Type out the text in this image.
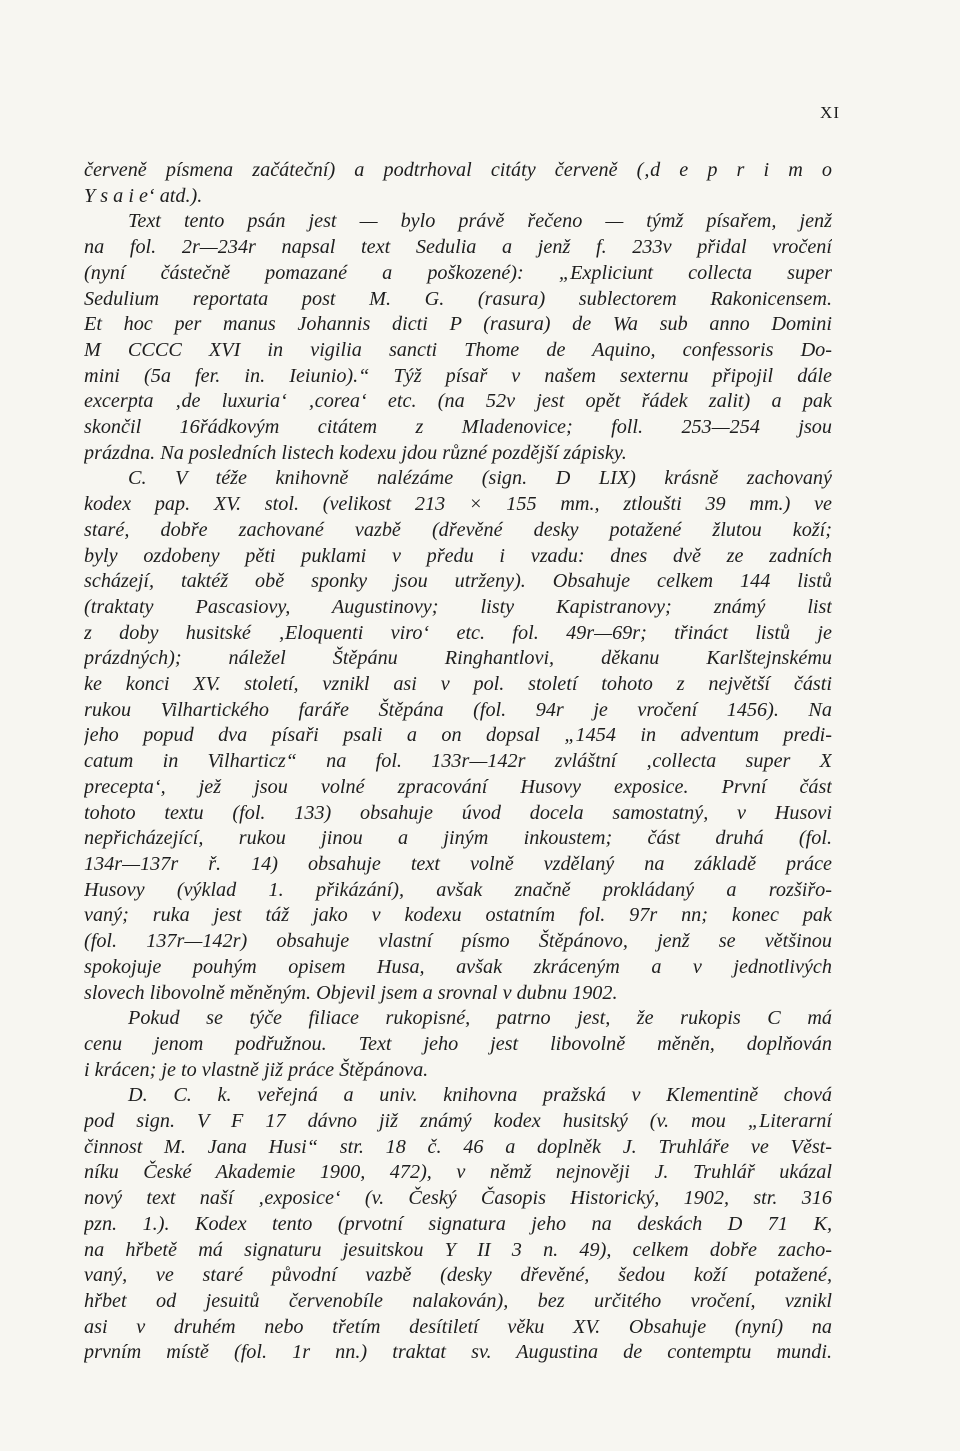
XI
červeně písmena začáteční) a podtrhoval citáty červeně (‚d e p r i m o
Y s a i e‘ atd.).
Text tento psán jest — bylo právě řečeno — týmž písařem, jenž
na fol. 2r—234r napsal text Sedulia a jenž f. 233v přidal vročení
(nyní částečně pomazané a poškozené): „Expliciunt collecta super
Sedulium reportata post M. G. (rasura) sublectorem Rakonicensem.
Et hoc per manus Johannis dicti P (rasura) de Wa sub anno Domini
M CCCC XVI in vigilia sancti Thome de Aquino, confessoris Do-
mini (5a fer. in. Ieiunio).“ Týž písař v našem sexternu připojil dále
excerpta ‚de luxuria‘ ‚corea‘ etc. (na 52v jest opět řádek zalit) a pak
skončil 16řádkovým citátem z Mladenovice; foll. 253—254 jsou
prázdna. Na posledních listech kodexu jdou různé pozdější zápisky.
C. V téže knihovně nalézáme (sign. D LIX) krásně zachovaný
kodex pap. XV. stol. (velikost 213 × 155 mm., ztloušti 39 mm.) ve
staré, dobře zachované vazbě (dřevěné desky potažené žlutou koží;
byly ozdobeny pěti puklami v předu i vzadu: dnes dvě ze zadních
scházejí, taktéž obě sponky jsou utrženy). Obsahuje celkem 144 listů
(traktaty Pascasiovy, Augustinovy; listy Kapistranovy; známý list
z doby husitské ‚Eloquenti viro‘ etc. fol. 49r—69r; třináct listů je
prázdných); náležel Štěpánu Ringhantlovi, děkanu Karlštejnskému
ke konci XV. století, vznikl asi v pol. století tohoto z největší části
rukou Vilhartického faráře Štěpána (fol. 94r je vročení 1456). Na
jeho popud dva písaři psali a on dopsal „1454 in adventum predi-
catum in Vilharticz“ na fol. 133r—142r zvláštní ‚collecta super X
precepta‘, jež jsou volné zpracování Husovy exposice. První část
tohoto textu (fol. 133) obsahuje úvod docela samostatný, v Husovi
nepřicházející, rukou jinou a jiným inkoustem; část druhá (fol.
134r—137r ř. 14) obsahuje text volně vzdělaný na základě práce
Husovy (výklad 1. přikázání), avšak značně prokládaný a rozšiřo-
vaný; ruka jest táž jako v kodexu ostatním fol. 97r nn; konec pak
(fol. 137r—142r) obsahuje vlastní písmo Štěpánovo, jenž se většinou
spokojuje pouhým opisem Husa, avšak zkráceným a v jednotlivých
slovech libovolně měněným. Objevil jsem a srovnal v dubnu 1902.
Pokud se týče filiace rukopisné, patrno jest, že rukopis C má
cenu jenom podřužnou. Text jeho jest libovolně měněn, doplňován
i krácen; je to vlastně již práce Štěpánova.
D. C. k. veřejná a univ. knihovna pražská v Klementině chová
pod sign. V F 17 dávno již známý kodex husitský (v. mou „Literarní
činnost M. Jana Husi“ str. 18 č. 46 a doplněk J. Truhláře ve Věst-
níku České Akademie 1900, 472), v němž nejnověji J. Truhlář ukázal
nový text naší ‚exposice‘ (v. Český Časopis Historický, 1902, str. 316
pzn. 1.). Kodex tento (prvotní signatura jeho na deskách D 71 K,
na hřbetě má signaturu jesuitskou Y II 3 n. 49), celkem dobře zacho-
vaný, ve staré původní vazbě (desky dřevěné, šedou koží potažené,
hřbet od jesuitů červenobíle nalakován), bez určitého vročení, vznikl
asi v druhém nebo třetím desítiletí věku XV. Obsahuje (nyní) na
prvním místě (fol. 1r nn.) traktat sv. Augustina de contemptu mundi.
